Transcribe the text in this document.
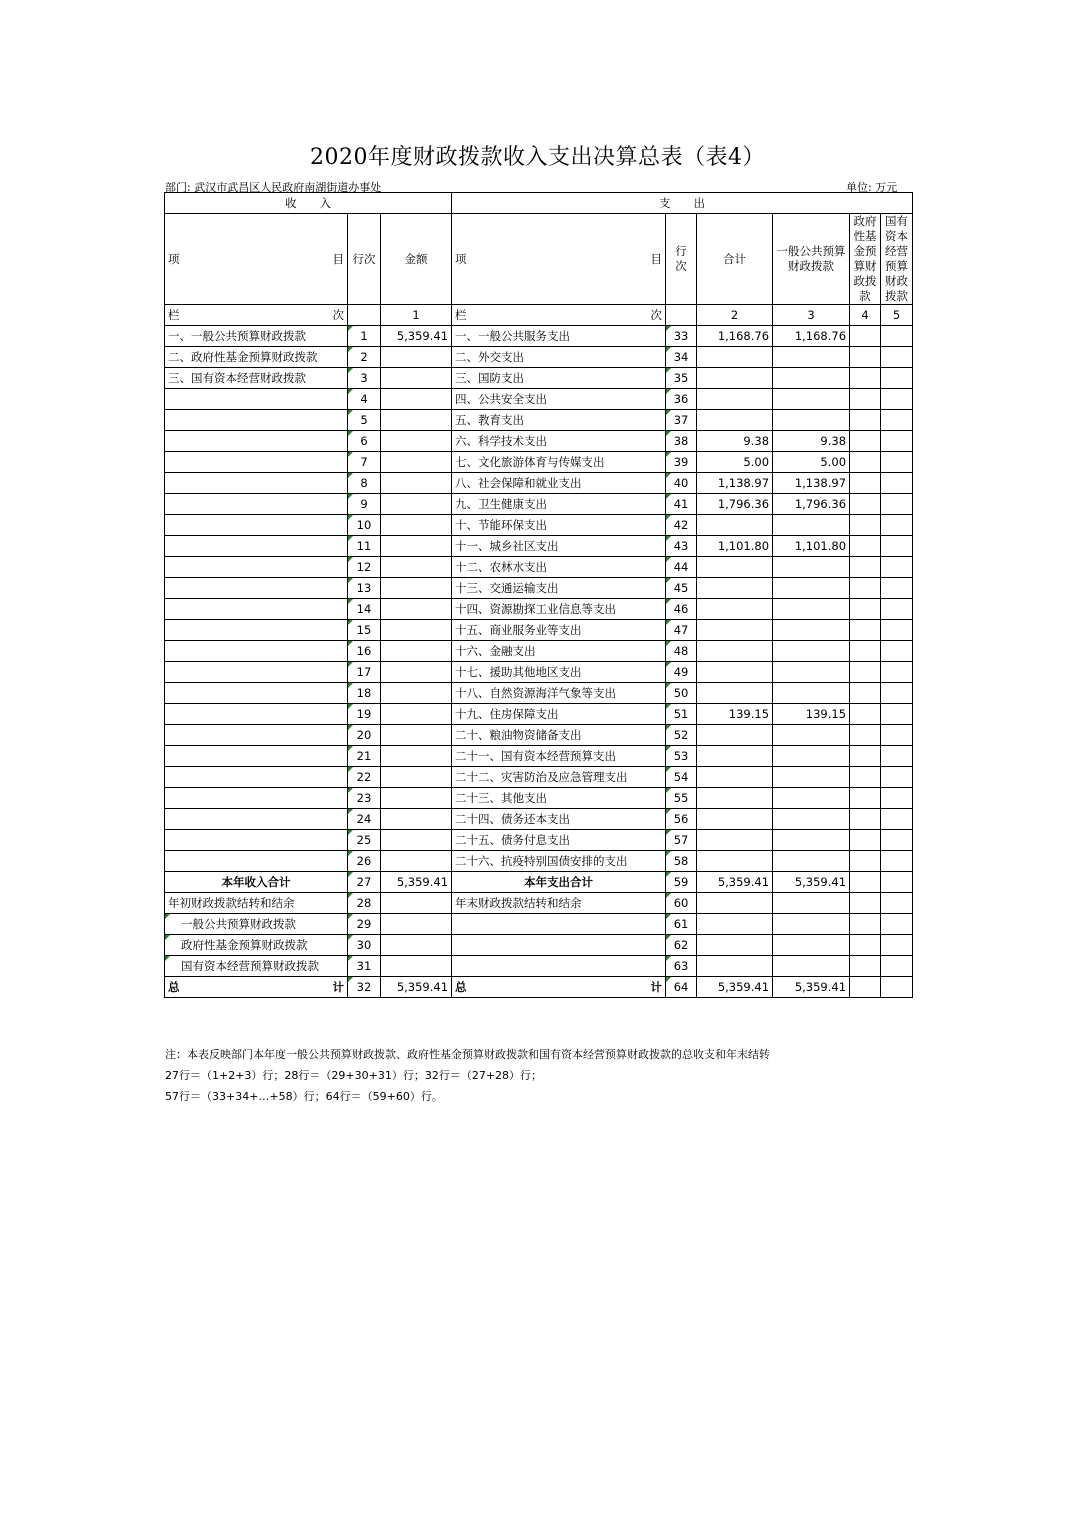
2020年度财政拨款收入支出决算总表（表4）
部门: 武汉市武昌区人民政府南湖街道办事处	单位: 万元
收　　入			支　　出					

项 目	行次	金额	项 目	行次	合计	一般公共预算财政拨款	政府性基金预算财政拨款	国有资本经营预算财政拨款

栏 次		1	栏 次		2	3	4	5
一、一般公共预算财政拨款	1	5,359.41	一、一般公共服务支出	33	1,168.76	1,168.76		
二、政府性基金预算财政拨款	2		二、外交支出	34				
三、国有资本经营财政拨款	3		三、国防支出	35				
	4		四、公共安全支出	36				
	5		五、教育支出	37				
	6		六、科学技术支出	38	9.38	9.38		
	7		七、文化旅游体育与传媒支出	39	5.00	5.00		
	8		八、社会保障和就业支出	40	1,138.97	1,138.97		
	9		九、卫生健康支出	41	1,796.36	1,796.36		
	10		十、节能环保支出	42				
	11		十一、城乡社区支出	43	1,101.80	1,101.80		
	12		十二、农林水支出	44				
	13		十三、交通运输支出	45				
	14		十四、资源勘探工业信息等支出	46				
	15		十五、商业服务业等支出	47				
	16		十六、金融支出	48				
	17		十七、援助其他地区支出	49				
	18		十八、自然资源海洋气象等支出	50				
	19		十九、住房保障支出	51	139.15	139.15		
	20		二十、粮油物资储备支出	52				
	21		二十一、国有资本经营预算支出	53				
	22		二十二、灾害防治及应急管理支出	54				
	23		二十三、其他支出	55				
	24		二十四、债务还本支出	56				
	25		二十五、债务付息支出	57				
	26		二十六、抗疫特别国债安排的支出	58				
本年收入合计	27	5,359.41	本年支出合计	59	5,359.41	5,359.41		
年初财政拨款结转和结余	28		年末财政拨款结转和结余	60				
一般公共预算财政拨款	29			61				
政府性基金预算财政拨款	30			62				
国有资本经营预算财政拨款	31			63				

总 计	32	5,359.41	总 计	64	5,359.41	5,359.41		
注：本表反映部门本年度一般公共预算财政拨款、政府性基金预算财政拨款和国有资本经营预算财政拨款的总收支和年末结转
27行＝（1+2+3）行；28行＝（29+30+31）行；32行＝（27+28）行；
57行＝（33+34+…+58）行；64行＝（59+60）行。
